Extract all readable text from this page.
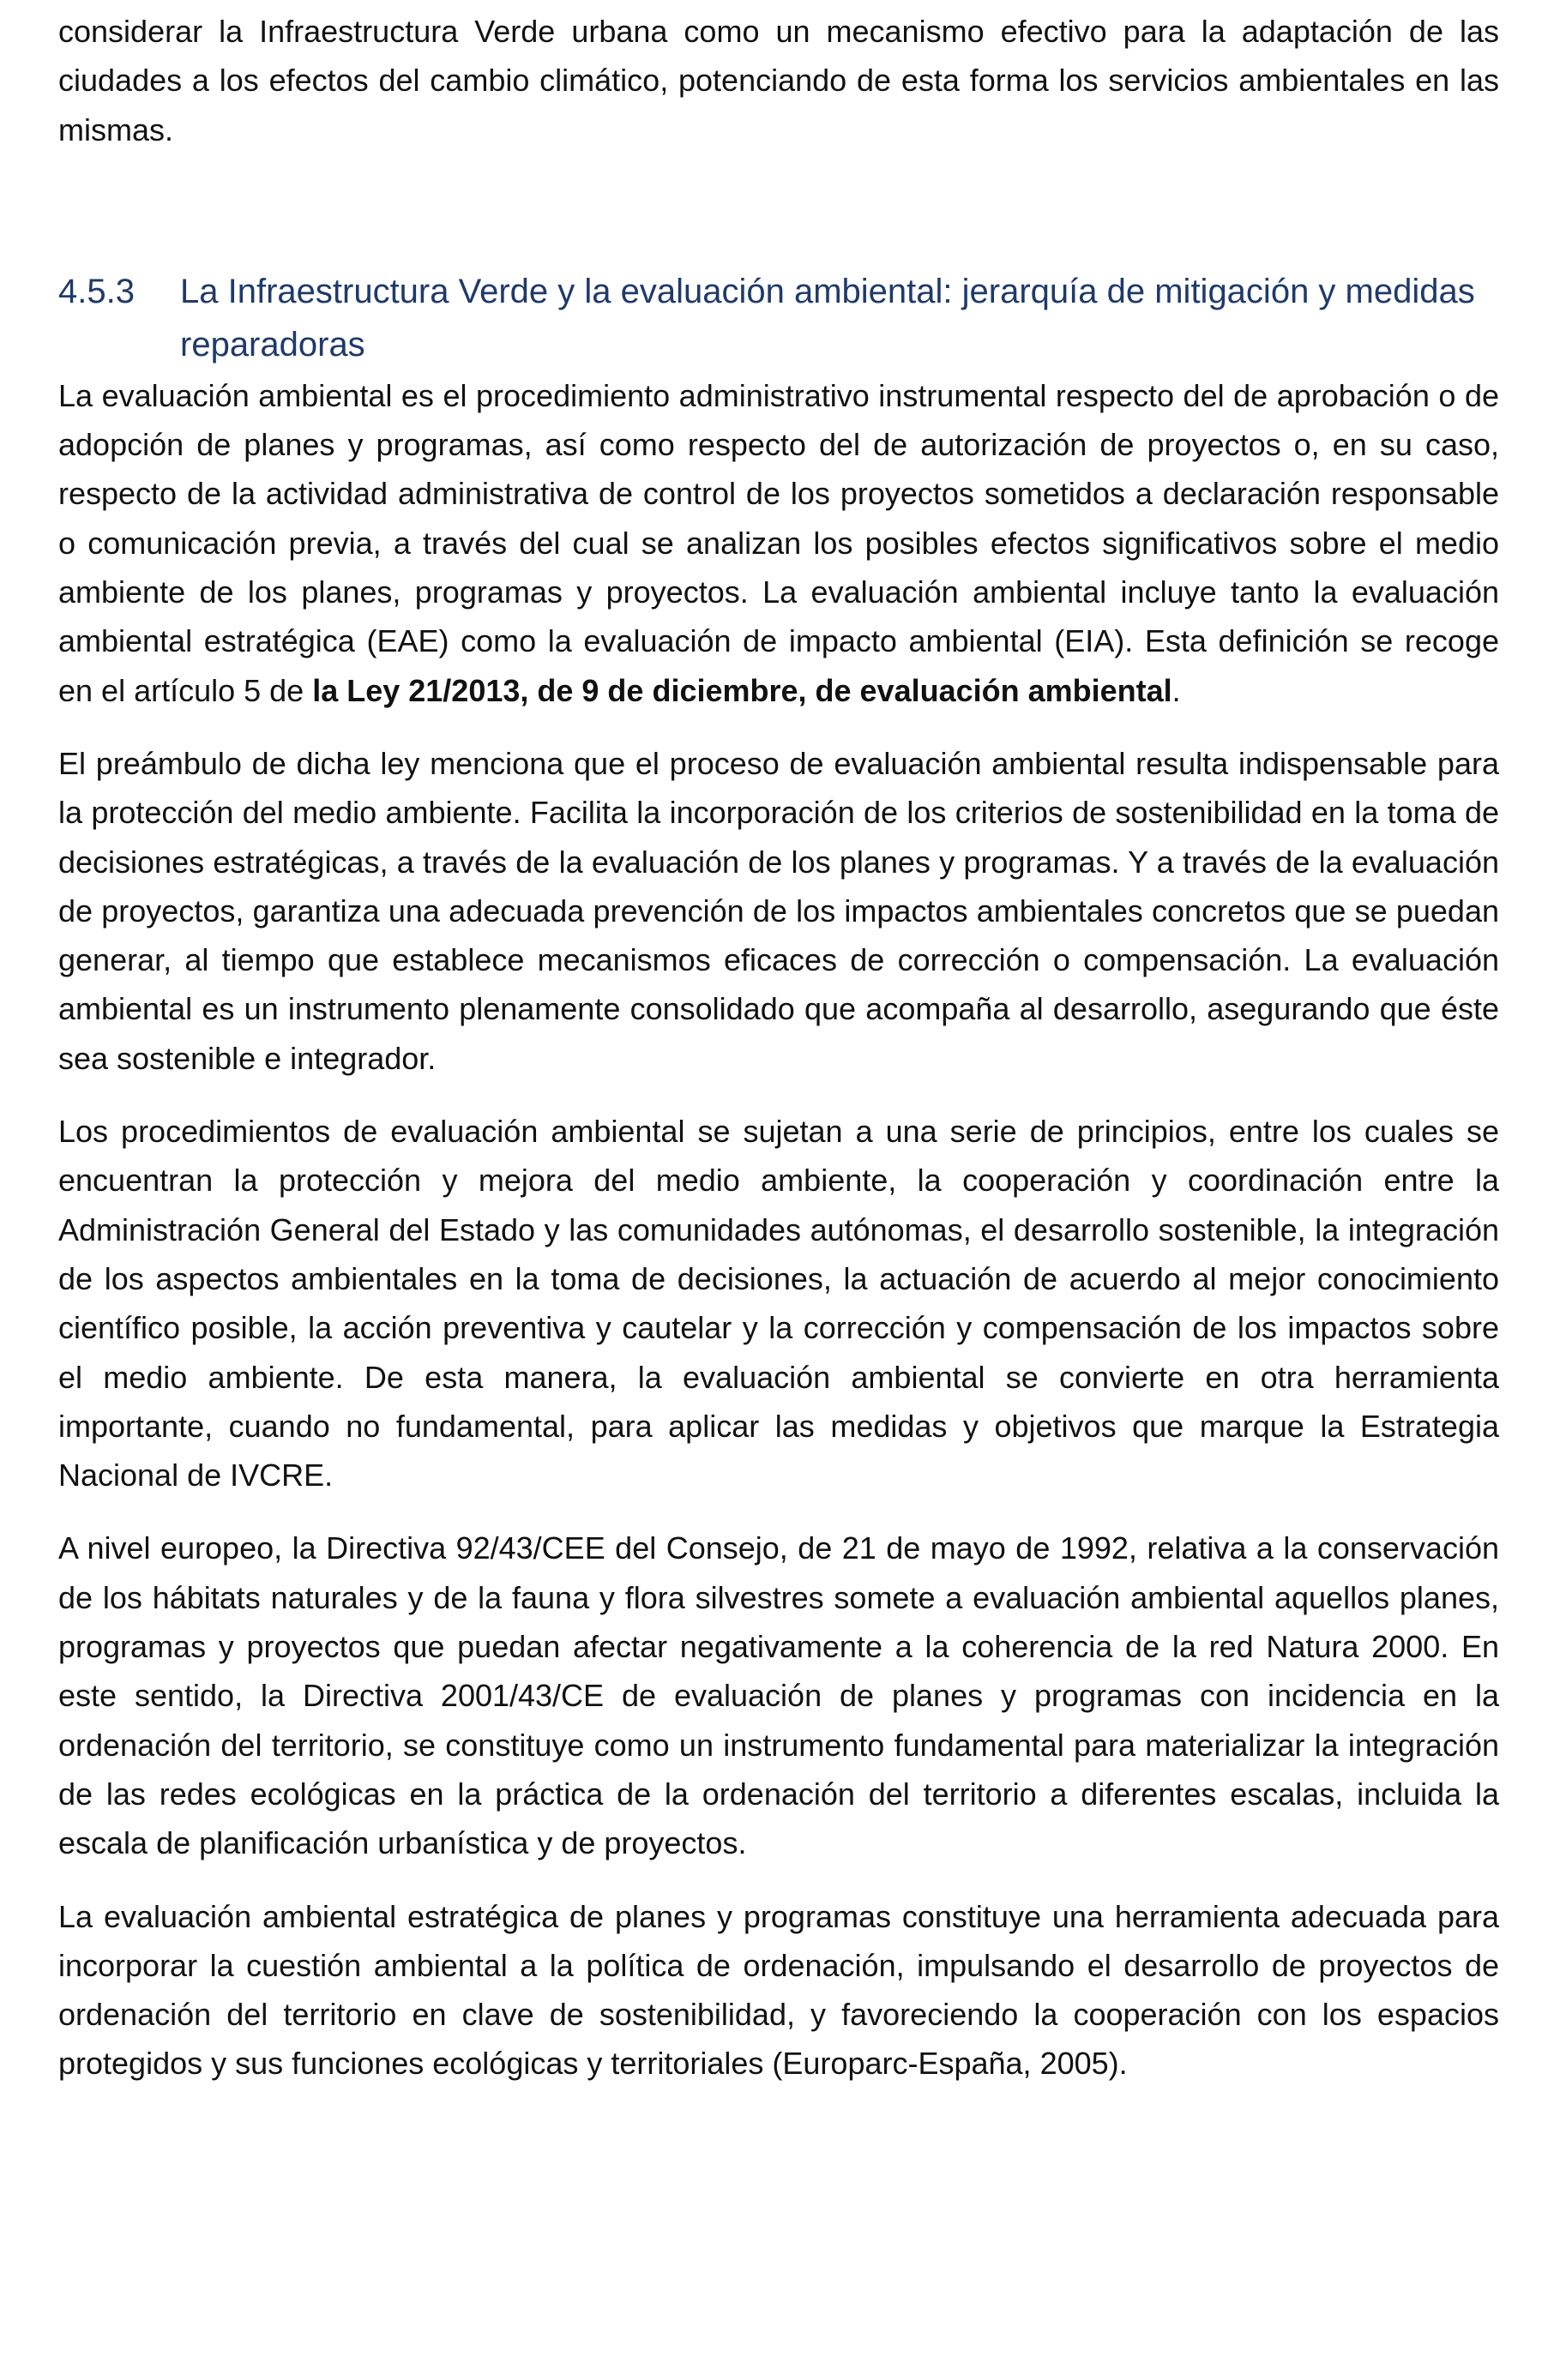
considerar la Infraestructura Verde urbana como un mecanismo efectivo para la adaptación de las ciudades a los efectos del cambio climático, potenciando de esta forma los servicios ambientales en las mismas.

4.5.3	La Infraestructura Verde y la evaluación ambiental: jerarquía de mitigación y medidas reparadoras

La evaluación ambiental es el procedimiento administrativo instrumental respecto del de aprobación o de adopción de planes y programas, así como respecto del de autorización de proyectos o, en su caso, respecto de la actividad administrativa de control de los proyectos sometidos a declaración responsable o comunicación previa, a través del cual se analizan los posibles efectos significativos sobre el medio ambiente de los planes, programas y proyectos. La evaluación ambiental incluye tanto la evaluación ambiental estratégica (EAE) como la evaluación de impacto ambiental (EIA). Esta definición se recoge en el artículo 5 de la Ley 21/2013, de 9 de diciembre, de evaluación ambiental.

El preámbulo de dicha ley menciona que el proceso de evaluación ambiental resulta indispensable para la protección del medio ambiente. Facilita la incorporación de los criterios de sostenibilidad en la toma de decisiones estratégicas, a través de la evaluación de los planes y programas. Y a través de la evaluación de proyectos, garantiza una adecuada prevención de los impactos ambientales concretos que se puedan generar, al tiempo que establece mecanismos eficaces de corrección o compensación. La evaluación ambiental es un instrumento plenamente consolidado que acompaña al desarrollo, asegurando que éste sea sostenible e integrador.

Los procedimientos de evaluación ambiental se sujetan a una serie de principios, entre los cuales se encuentran la protección y mejora del medio ambiente, la cooperación y coordinación entre la Administración General del Estado y las comunidades autónomas, el desarrollo sostenible, la integración de los aspectos ambientales en la toma de decisiones, la actuación de acuerdo al mejor conocimiento científico posible, la acción preventiva y cautelar y la corrección y compensación de los impactos sobre el medio ambiente. De esta manera, la evaluación ambiental se convierte en otra herramienta importante, cuando no fundamental, para aplicar las medidas y objetivos que marque la Estrategia Nacional de IVCRE.

A nivel europeo, la Directiva 92/43/CEE del Consejo, de 21 de mayo de 1992, relativa a la conservación de los hábitats naturales y de la fauna y flora silvestres somete a evaluación ambiental aquellos planes, programas y proyectos que puedan afectar negativamente a la coherencia de la red Natura 2000. En este sentido, la Directiva 2001/43/CE de evaluación de planes y programas con incidencia en la ordenación del territorio, se constituye como un instrumento fundamental para materializar la integración de las redes ecológicas en la práctica de la ordenación del territorio a diferentes escalas, incluida la escala de planificación urbanística y de proyectos.

La evaluación ambiental estratégica de planes y programas constituye una herramienta adecuada para incorporar la cuestión ambiental a la política de ordenación, impulsando el desarrollo de proyectos de ordenación del territorio en clave de sostenibilidad, y favoreciendo la cooperación con los espacios protegidos y sus funciones ecológicas y territoriales (Europarc-España, 2005).
